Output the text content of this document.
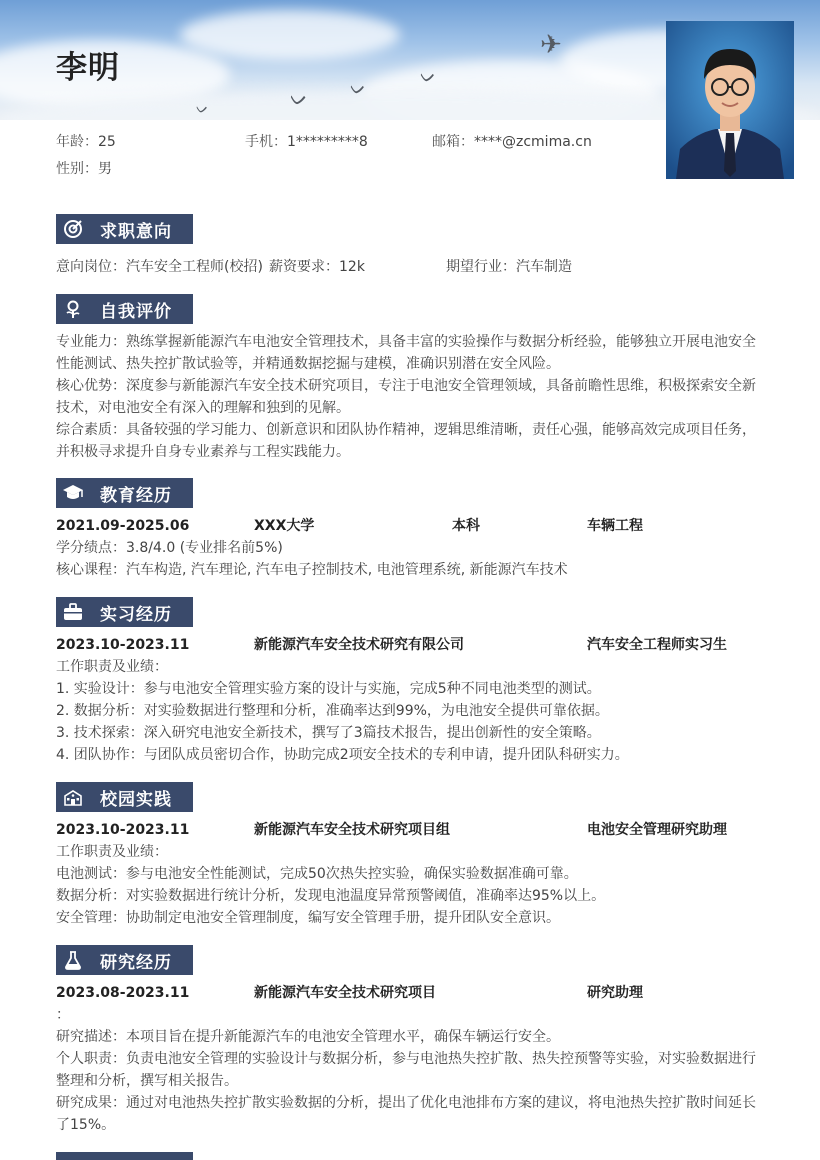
✈
ᨆ
ᨆ
ᨆ
ᨆ
李明
年龄：25	手机：1*********8	邮箱：****@zcmima.cn
性别：男
求职意向
意向岗位：汽车安全工程师(校招) 薪资要求：12k	期望行业：汽车制造
自我评价
专业能力：熟练掌握新能源汽车电池安全管理技术，具备丰富的实验操作与数据分析经验，能够独立开展电池安全
性能测试、热失控扩散试验等，并精通数据挖掘与建模，准确识别潜在安全风险。
核心优势：深度参与新能源汽车安全技术研究项目，专注于电池安全管理领域，具备前瞻性思维，积极探索安全新
技术，对电池安全有深入的理解和独到的见解。
综合素质：具备较强的学习能力、创新意识和团队协作精神，逻辑思维清晰，责任心强，能够高效完成项目任务，
并积极寻求提升自身专业素养与工程实践能力。
教育经历
2021.09-2025.06	XXX大学	本科	车辆工程
学分绩点：3.8/4.0 (专业排名前5%)
核心课程：汽车构造, 汽车理论, 汽车电子控制技术, 电池管理系统, 新能源汽车技术
实习经历
2023.10-2023.11	新能源汽车安全技术研究有限公司	汽车安全工程师实习生
工作职责及业绩：
1. 实验设计：参与电池安全管理实验方案的设计与实施，完成5种不同电池类型的测试。
2. 数据分析：对实验数据进行整理和分析，准确率达到99%，为电池安全提供可靠依据。
3. 技术探索：深入研究电池安全新技术，撰写了3篇技术报告，提出创新性的安全策略。
4. 团队协作：与团队成员密切合作，协助完成2项安全技术的专利申请，提升团队科研实力。
校园实践
2023.10-2023.11	新能源汽车安全技术研究项目组	电池安全管理研究助理
工作职责及业绩：
电池测试：参与电池安全性能测试，完成50次热失控实验，确保实验数据准确可靠。
数据分析：对实验数据进行统计分析，发现电池温度异常预警阈值，准确率达95%以上。
安全管理：协助制定电池安全管理制度，编写安全管理手册，提升团队安全意识。
研究经历
2023.08-2023.11	新能源汽车安全技术研究项目	研究助理
：
研究描述：本项目旨在提升新能源汽车的电池安全管理水平，确保车辆运行安全。
个人职责：负责电池安全管理的实验设计与数据分析，参与电池热失控扩散、热失控预警等实验，对实验数据进行
整理和分析，撰写相关报告。
研究成果：通过对电池热失控扩散实验数据的分析，提出了优化电池排布方案的建议，将电池热失控扩散时间延长
了15%。
